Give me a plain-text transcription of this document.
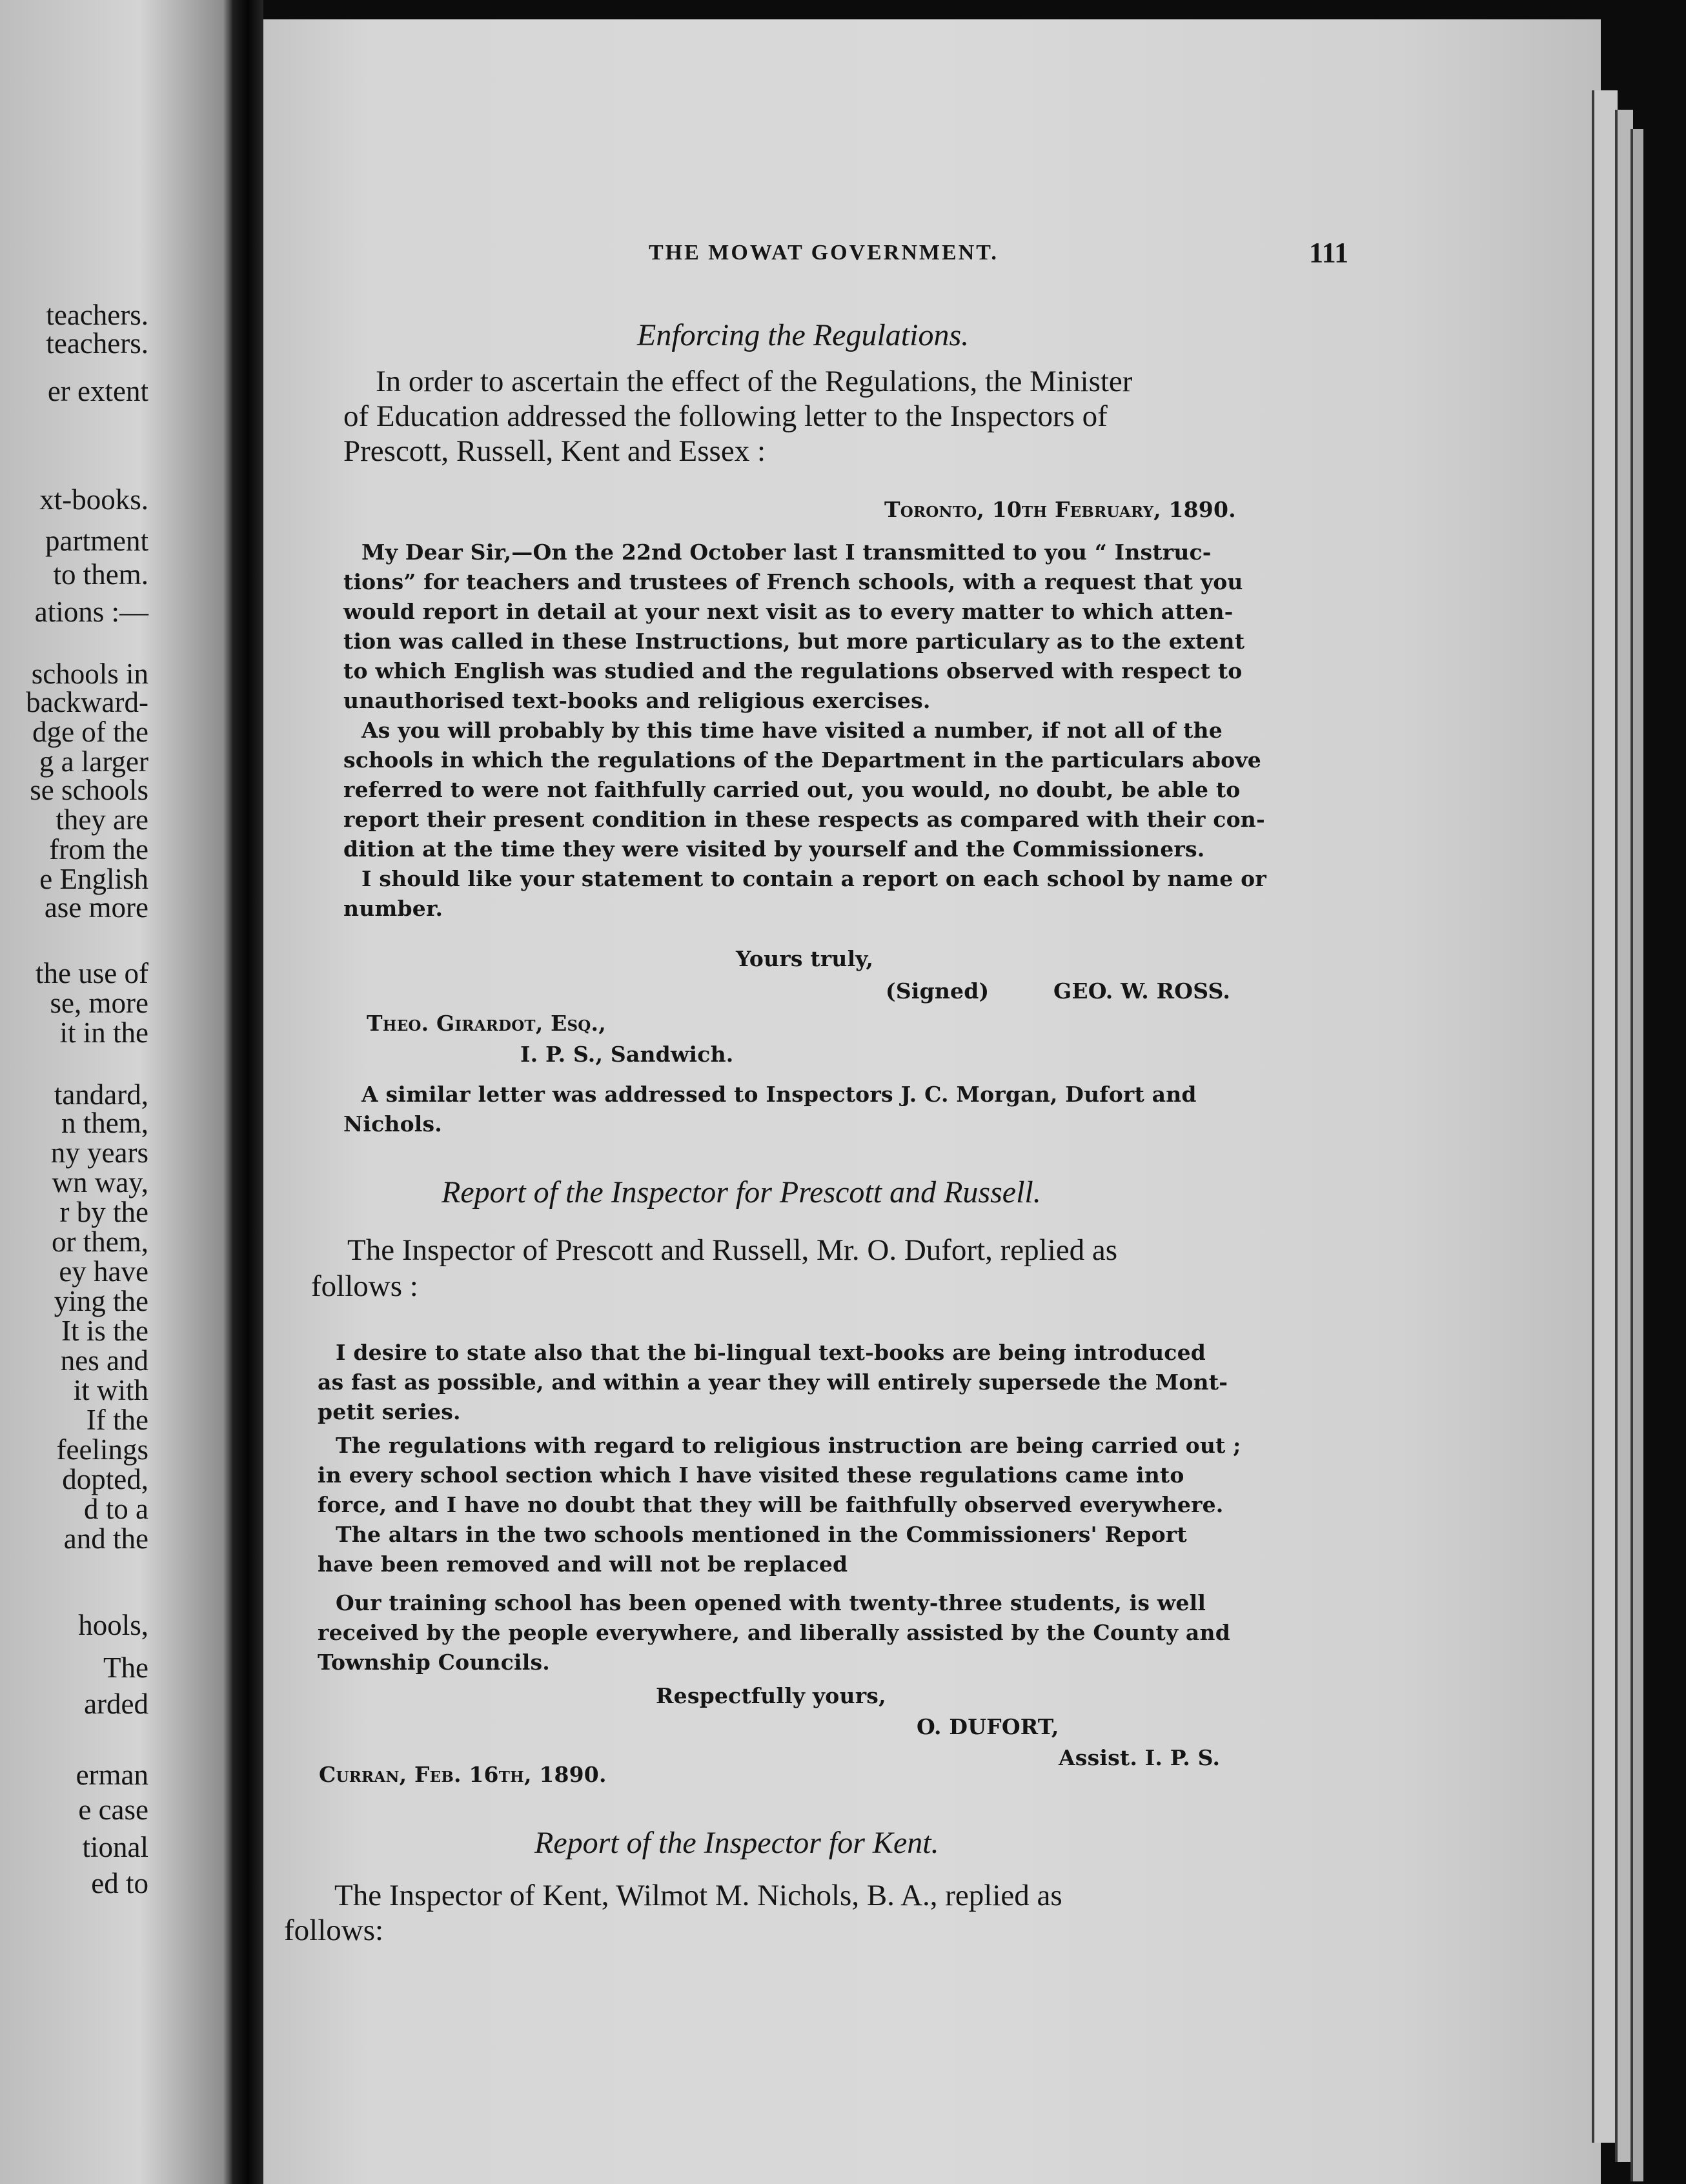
teachers.
teachers.
er extent
xt-books.
partment
to them.
ations :—
schools in
backward-
dge of the
g a larger
se schools
they are
from the
e English
ase more
the use of
se, more
it in the
tandard,
n them,
ny years
wn way,
r by the
or them,
ey have
ying the
It is the
nes and
it with
If the
feelings
dopted,
d to a
and the
hools,
The
arded
erman
e case
tional
ed to
THE MOWAT GOVERNMENT.	111
Enforcing the Regulations.
In order to ascertain the effect of the Regulations, the Minister
of Education addressed the following letter to the Inspectors of
Prescott, Russell, Kent and Essex :
Toronto, 10th February, 1890.
My Dear Sir,—On the 22nd October last I transmitted to you “ Instruc-
tions” for teachers and trustees of French schools, with a request that you
would report in detail at your next visit as to every matter to which atten-
tion was called in these Instructions, but more particulary as to the extent
to which English was studied and the regulations observed with respect to
unauthorised text-books and religious exercises.
As you will probably by this time have visited a number, if not all of the
schools in which the regulations of the Department in the particulars above
referred to were not faithfully carried out, you would, no doubt, be able to
report their present condition in these respects as compared with their con-
dition at the time they were visited by yourself and the Commissioners.
I should like your statement to contain a report on each school by name or
number.
Yours truly,
(Signed)	GEO. W. ROSS.
Theo. Girardot, Esq.,
I. P. S., Sandwich.
A similar letter was addressed to Inspectors J. C. Morgan, Dufort and
Nichols.
Report of the Inspector for Prescott and Russell.
The Inspector of Prescott and Russell, Mr. O. Dufort, replied as
follows :
I desire to state also that the bi-lingual text-books are being introduced
as fast as possible, and within a year they will entirely supersede the Mont-
petit series.
The regulations with regard to religious instruction are being carried out ;
in every school section which I have visited these regulations came into
force, and I have no doubt that they will be faithfully observed everywhere.
The altars in the two schools mentioned in the Commissioners' Report
have been removed and will not be replaced
Our training school has been opened with twenty-three students, is well
received by the people everywhere, and liberally assisted by the County and
Township Councils.
Respectfully yours,
O. DUFORT,
Assist. I. P. S.
Curran, Feb. 16th, 1890.
Report of the Inspector for Kent.
The Inspector of Kent, Wilmot M. Nichols, B. A., replied as
follows:
